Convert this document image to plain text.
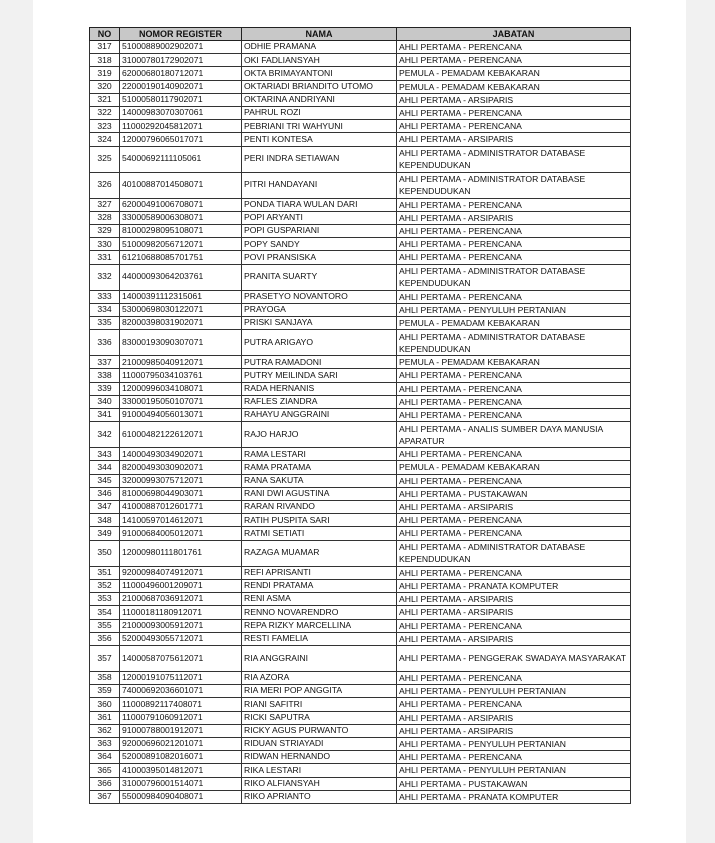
NO	NOMOR REGISTER	NAMA	JABATAN
317	51000889002902071	ODHIE PRAMANA	AHLI PERTAMA - PERENCANA
318	31000780172902071	OKI FADLIANSYAH	AHLI PERTAMA - PERENCANA
319	62000680180712071	OKTA BRIMAYANTONI	PEMULA - PEMADAM KEBAKARAN
320	22000190140902071	OKTARIADI BRIANDITO UTOMO	PEMULA - PEMADAM KEBAKARAN
321	51000580117902071	OKTARINA ANDRIYANI	AHLI PERTAMA - ARSIPARIS
322	14000983070307061	PAHRUL ROZI	AHLI PERTAMA - PERENCANA
323	11000292045812071	PEBRIANI TRI WAHYUNI	AHLI PERTAMA - PERENCANA
324	12000796065017071	PENTI KONTESA	AHLI PERTAMA - ARSIPARIS
325	54000692111105061	PERI INDRA SETIAWAN	AHLI PERTAMA - ADMINISTRATOR DATABASE KEPENDUDUKAN
326	40100887014508071	PITRI HANDAYANI	AHLI PERTAMA - ADMINISTRATOR DATABASE KEPENDUDUKAN
327	62000491006708071	PONDA TIARA WULAN DARI	AHLI PERTAMA - PERENCANA
328	33000589006308071	POPI ARYANTI	AHLI PERTAMA - ARSIPARIS
329	81000298095108071	POPI GUSPARIANI	AHLI PERTAMA - PERENCANA
330	51000982056712071	POPY SANDY	AHLI PERTAMA - PERENCANA
331	61210688085701751	POVI PRANSISKA	AHLI PERTAMA - PERENCANA
332	44000093064203761	PRANITA SUARTY	AHLI PERTAMA - ADMINISTRATOR DATABASE KEPENDUDUKAN
333	14000391112315061	PRASETYO NOVANTORO	AHLI PERTAMA - PERENCANA
334	53000698030122071	PRAYOGA	AHLI PERTAMA - PENYULUH PERTANIAN
335	82000398031902071	PRISKI SANJAYA	PEMULA - PEMADAM KEBAKARAN
336	83000193090307071	PUTRA ARIGAYO	AHLI PERTAMA - ADMINISTRATOR DATABASE KEPENDUDUKAN
337	21000985040912071	PUTRA RAMADONI	PEMULA - PEMADAM KEBAKARAN
338	11000795034103761	PUTRY MEILINDA SARI	AHLI PERTAMA - PERENCANA
339	12000996034108071	RADA HERNANIS	AHLI PERTAMA - PERENCANA
340	33000195050107071	RAFLES ZIANDRA	AHLI PERTAMA - PERENCANA
341	91000494056013071	RAHAYU ANGGRAINI	AHLI PERTAMA - PERENCANA
342	61000482122612071	RAJO HARJO	AHLI PERTAMA - ANALIS SUMBER DAYA MANUSIA APARATUR
343	14000493034902071	RAMA LESTARI	AHLI PERTAMA - PERENCANA
344	82000493030902071	RAMA PRATAMA	PEMULA - PEMADAM KEBAKARAN
345	32000993075712071	RANA SAKUTA	AHLI PERTAMA - PERENCANA
346	81000698044903071	RANI DWI AGUSTINA	AHLI PERTAMA - PUSTAKAWAN
347	41000887012601771	RARAN RIVANDO	AHLI PERTAMA - ARSIPARIS
348	14100597014612071	RATIH PUSPITA SARI	AHLI PERTAMA - PERENCANA
349	91000684005012071	RATMI SETIATI	AHLI PERTAMA - PERENCANA
350	12000980111801761	RAZAGA MUAMAR	AHLI PERTAMA - ADMINISTRATOR DATABASE KEPENDUDUKAN
351	92000984074912071	REFI APRISANTI	AHLI PERTAMA - PERENCANA
352	11000496001209071	RENDI PRATAMA	AHLI PERTAMA - PRANATA KOMPUTER
353	21000687036912071	RENI ASMA	AHLI PERTAMA - ARSIPARIS
354	11000181180912071	RENNO NOVARENDRO	AHLI PERTAMA - ARSIPARIS
355	21000093005912071	REPA RIZKY MARCELLINA	AHLI PERTAMA - PERENCANA
356	52000493055712071	RESTI FAMELIA	AHLI PERTAMA - ARSIPARIS
357	14000587075612071	RIA ANGGRAINI	AHLI PERTAMA - PENGGERAK SWADAYA MASYARAKAT
358	12000191075112071	RIA AZORA	AHLI PERTAMA - PERENCANA
359	74000692036601071	RIA MERI POP ANGGITA	AHLI PERTAMA - PENYULUH PERTANIAN
360	11000892117408071	RIANI SAFITRI	AHLI PERTAMA - PERENCANA
361	11000791060912071	RICKI SAPUTRA	AHLI PERTAMA - ARSIPARIS
362	91000788001912071	RICKY AGUS PURWANTO	AHLI PERTAMA - ARSIPARIS
363	92000696021201071	RIDUAN STRIAYADI	AHLI PERTAMA - PENYULUH PERTANIAN
364	52000891082016071	RIDWAN HERNANDO	AHLI PERTAMA - PERENCANA
365	41000395014812071	RIKA LESTARI	AHLI PERTAMA - PENYULUH PERTANIAN
366	31000796001514071	RIKO ALFIANSYAH	AHLI PERTAMA - PUSTAKAWAN
367	55000984090408071	RIKO APRIANTO	AHLI PERTAMA - PRANATA KOMPUTER
